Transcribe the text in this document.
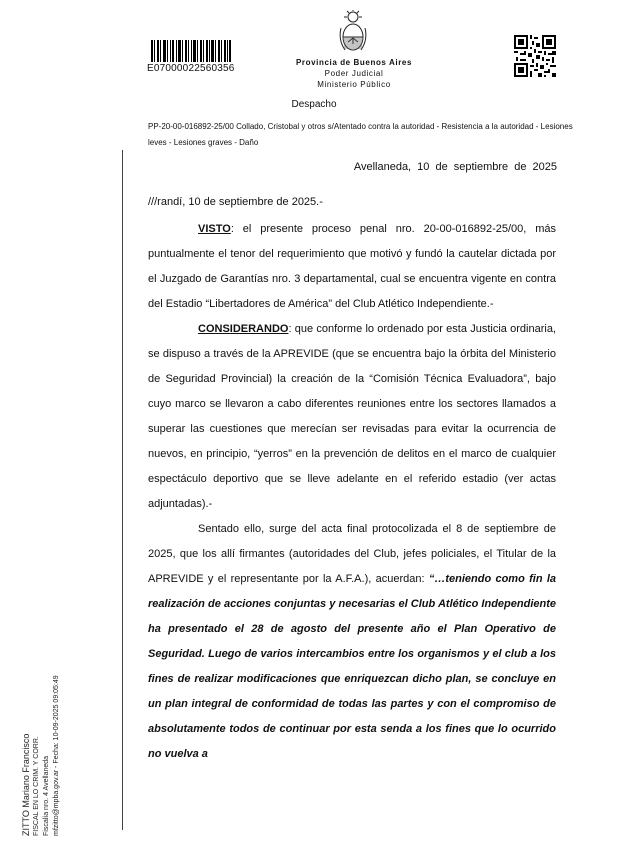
E07000022560356
Provincia de Buenos Aires
Poder Judicial
Ministerio Público
Despacho
PP-20-00-016892-25/00 Collado, Cristobal y otros s/Atentado contra la autoridad - Resistencia a la autoridad - Lesiones leves - Lesiones graves - Daño
Avellaneda, 10 de septiembre de 2025

///randí, 10 de septiembre de 2025.-

VISTO: el presente proceso penal nro. 20-00-016892-25/00, más puntualmente el tenor del requerimiento que motivó y fundó la cautelar dictada por el Juzgado de Garantías nro. 3 departamental, cual se encuentra vigente en contra del Estadio “Libertadores de América” del Club Atlético Independiente.-

CONSIDERANDO: que conforme lo ordenado por esta Justicia ordinaria, se dispuso a través de la APREVIDE (que se encuentra bajo la órbita del Ministerio de Seguridad Provincial) la creación de la “Comisión Técnica Evaluadora”, bajo cuyo marco se llevaron a cabo diferentes reuniones entre los sectores llamados a superar las cuestiones que merecían ser revisadas para evitar la ocurrencia de nuevos, en principio, “yerros” en la prevención de delitos en el marco de cualquier espectáculo deportivo que se lleve adelante en el referido estadio (ver actas adjuntadas).-

Sentado ello, surge del acta final protocolizada el 8 de septiembre de 2025, que los allí firmantes (autoridades del Club, jefes policiales, el Titular de la APREVIDE y el representante por la A.F.A.), acuerdan: “…teniendo como fin la realización de acciones conjuntas y necesarias el Club Atlético Independiente ha presentado el 28 de agosto del presente año el Plan Operativo de Seguridad. Luego de varios intercambios entre los organismos y el club a los fines de realizar modificaciones que enriquezcan dicho plan, se concluye en un plan integral de conformidad de todas las partes y con el compromiso de absolutamente todos de continuar por esta senda a los fines que lo ocurrido no vuelva a

ZITTO Mariano Francisco FISCAL EN LO CRIM. Y CORR. Fiscalía nro. 4 Avellaneda mfzitto@mpba.gov.ar - Fecha: 10-09-2025 09:05:49
